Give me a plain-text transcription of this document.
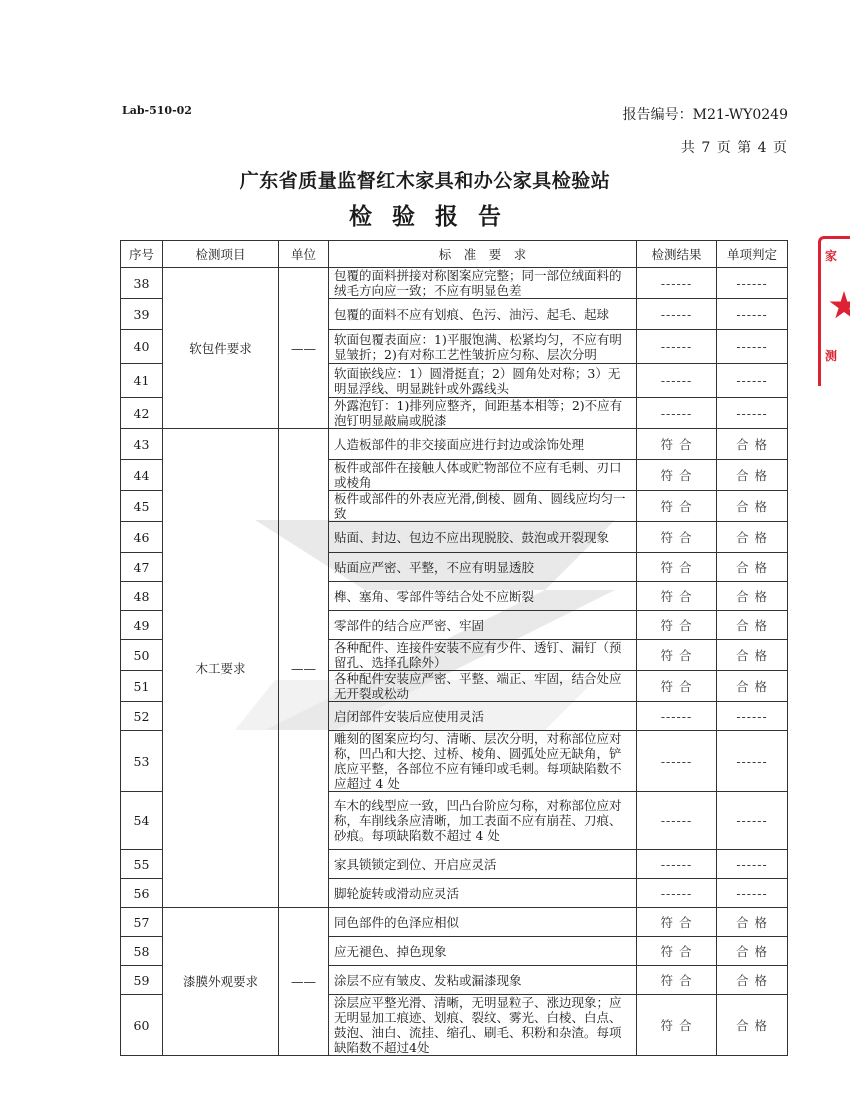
Lab-510-02	报告编号：M21-WY0249
共 7 页 第 4 页
广东省质量监督红木家具和办公家具检验站
检验报告
家
测
序号	检测项目	单位	标　准　要　求	检测结果	单项判定
38	软包件要求	——	包覆的面料拼接对称图案应完整；同一部位绒面料的绒毛方向应一致；不应有明显色差	------	------
39			包覆的面料不应有划痕、色污、油污、起毛、起球	------	------
40			软面包覆表面应：1)平服饱满、松紧均匀，不应有明显皱折；2)有对称工艺性皱折应匀称、层次分明	------	------
41			软面嵌线应：1）圆滑挺直；2）圆角处对称；3）无明显浮线、明显跳针或外露线头	------	------
42			外露泡钉：1)排列应整齐，间距基本相等；2)不应有泡钉明显敲扁或脱漆	------	------
43	木工要求	——	人造板部件的非交接面应进行封边或涂饰处理	符 合	合 格
44			板件或部件在接触人体或贮物部位不应有毛刺、刃口或棱角	符 合	合 格
45			板件或部件的外表应光滑,倒棱、圆角、圆线应均匀一致	符 合	合 格
46			贴面、封边、包边不应出现脱胶、鼓泡或开裂现象	符 合	合 格
47			贴面应严密、平整，不应有明显透胶	符 合	合 格
48			榫、塞角、零部件等结合处不应断裂	符 合	合 格
49			零部件的结合应严密、牢固	符 合	合 格
50			各种配件、连接件安装不应有少件、透钉、漏钉（预留孔、选择孔除外）	符 合	合 格
51			各种配件安装应严密、平整、端正、牢固，结合处应无开裂或松动	符 合	合 格
52			启闭部件安装后应使用灵活	------	------
53			雕刻的图案应均匀、清晰、层次分明，对称部位应对称，凹凸和大挖、过桥、棱角、圆弧处应无缺角，铲底应平整，各部位不应有锤印或毛刺。每项缺陷数不应超过 4 处	------	------
54			车木的线型应一致，凹凸台阶应匀称，对称部位应对称，车削线条应清晰，加工表面不应有崩茬、刀痕、砂痕。每项缺陷数不超过 4 处	------	------
55			家具锁锁定到位、开启应灵活	------	------
56			脚轮旋转或滑动应灵活	------	------
57	漆膜外观要求	——	同色部件的色泽应相似	符 合	合 格
58			应无褪色、掉色现象	符 合	合 格
59			涂层不应有皱皮、发粘或漏漆现象	符 合	合 格
60			涂层应平整光滑、清晰，无明显粒子、涨边现象；应无明显加工痕迹、划痕、裂纹、雾光、白棱、白点、鼓泡、油白、流挂、缩孔、刷毛、积粉和杂渣。每项缺陷数不超过4处	符 合	合 格
